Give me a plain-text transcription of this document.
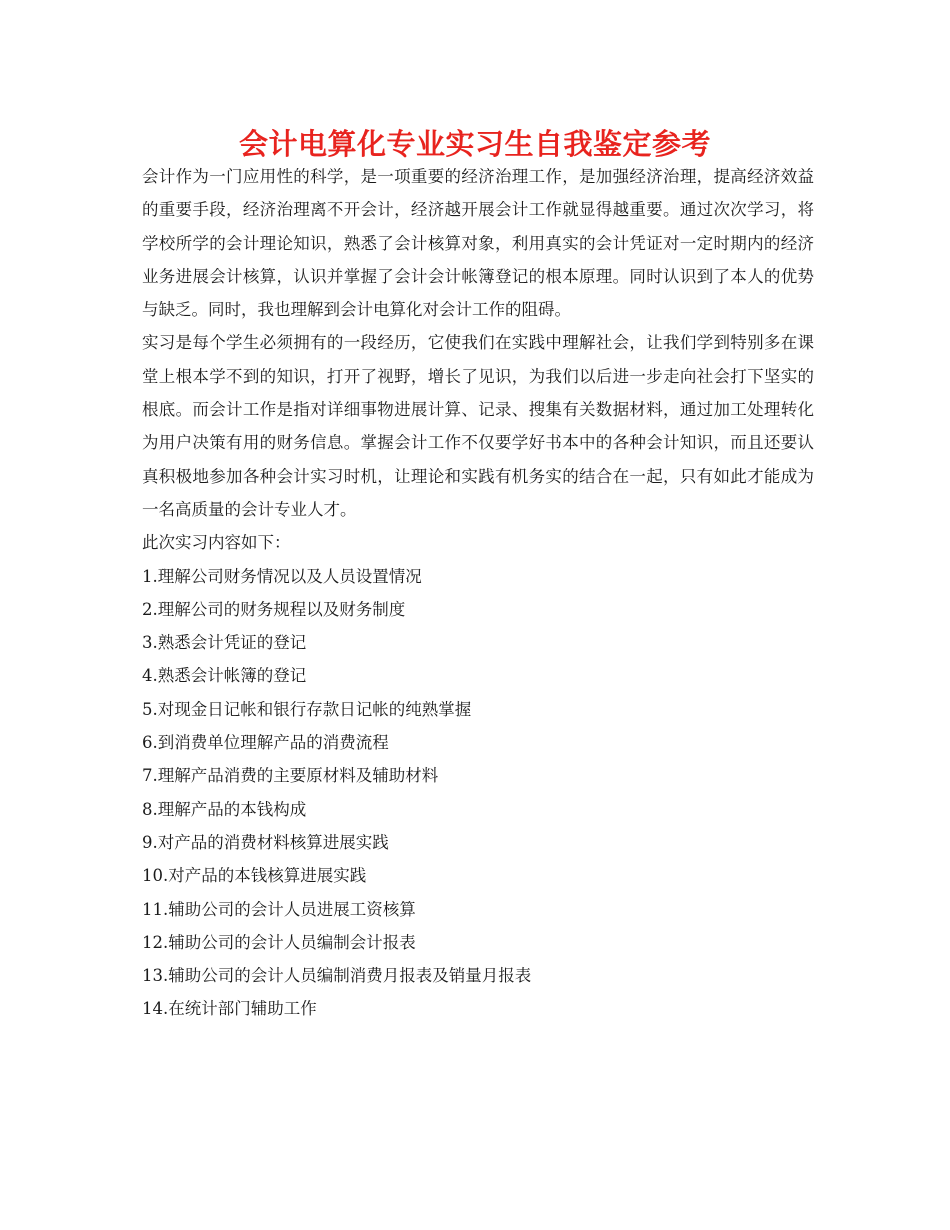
会计电算化专业实习生自我鉴定参考

会计作为一门应用性的科学，是一项重要的经济治理工作，是加强经济治理，提高经济效益的重要手段，经济治理离不开会计，经济越开展会计工作就显得越重要。通过次次学习，将学校所学的会计理论知识，熟悉了会计核算对象，利用真实的会计凭证对一定时期内的经济业务进展会计核算，认识并掌握了会计会计帐簿登记的根本原理。同时认识到了本人的优势与缺乏。同时，我也理解到会计电算化对会计工作的阻碍。

实习是每个学生必须拥有的一段经历，它使我们在实践中理解社会，让我们学到特别多在课堂上根本学不到的知识，打开了视野，增长了见识，为我们以后进一步走向社会打下坚实的根底。而会计工作是指对详细事物进展计算、记录、搜集有关数据材料，通过加工处理转化为用户决策有用的财务信息。掌握会计工作不仅要学好书本中的各种会计知识，而且还要认真积极地参加各种会计实习时机，让理论和实践有机务实的结合在一起，只有如此才能成为一名高质量的会计专业人才。

此次实习内容如下：

1.理解公司财务情况以及人员设置情况
2.理解公司的财务规程以及财务制度
3.熟悉会计凭证的登记
4.熟悉会计帐簿的登记
5.对现金日记帐和银行存款日记帐的纯熟掌握
6.到消费单位理解产品的消费流程
7.理解产品消费的主要原材料及辅助材料
8.理解产品的本钱构成
9.对产品的消费材料核算进展实践
10.对产品的本钱核算进展实践
11.辅助公司的会计人员进展工资核算
12.辅助公司的会计人员编制会计报表
13.辅助公司的会计人员编制消费月报表及销量月报表
14.在统计部门辅助工作
